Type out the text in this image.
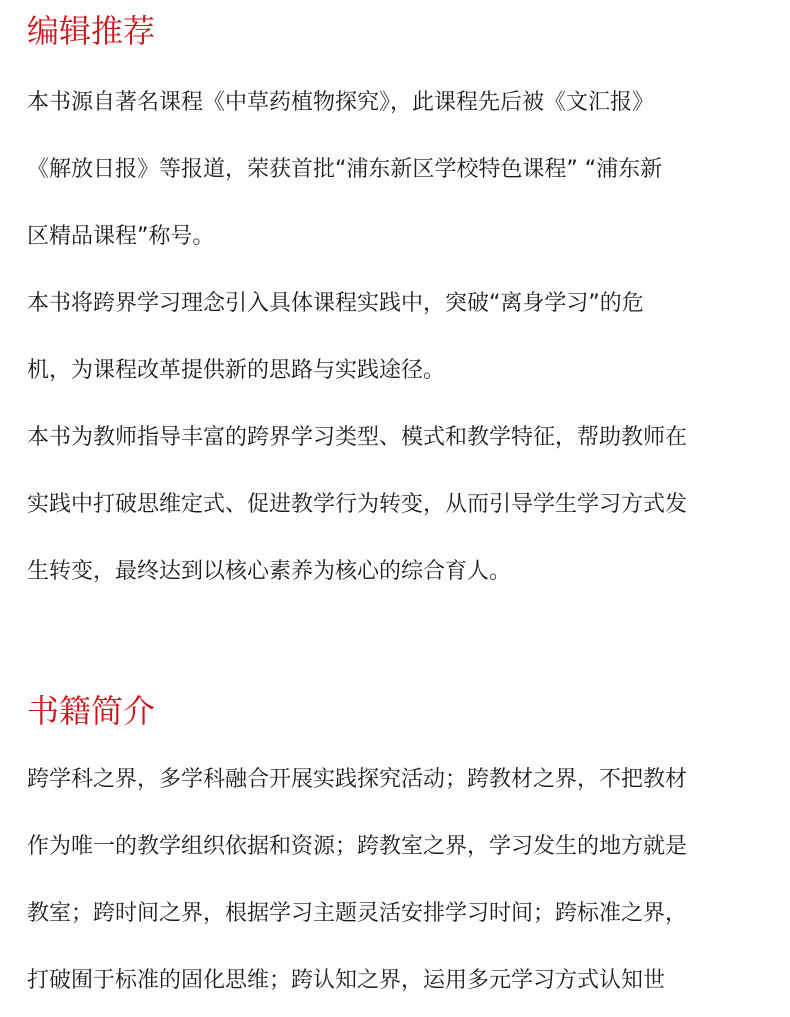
编辑推荐

本书源自著名课程《中草药植物探究》，此课程先后被《文汇报》

《解放日报》等报道，荣获首批“浦东新区学校特色课程” “浦东新

区精品课程”称号。

本书将跨界学习理念引入具体课程实践中，突破“离身学习”的危

机，为课程改革提供新的思路与实践途径。

本书为教师指导丰富的跨界学习类型、模式和教学特征，帮助教师在

实践中打破思维定式、促进教学行为转变，从而引导学生学习方式发

生转变，最终达到以核心素养为核心的综合育人。

书籍简介

跨学科之界，多学科融合开展实践探究活动；跨教材之界，不把教材

作为唯一的教学组织依据和资源；跨教室之界，学习发生的地方就是

教室；跨时间之界，根据学习主题灵活安排学习时间；跨标准之界，

打破囿于标准的固化思维；跨认知之界，运用多元学习方式认知世
